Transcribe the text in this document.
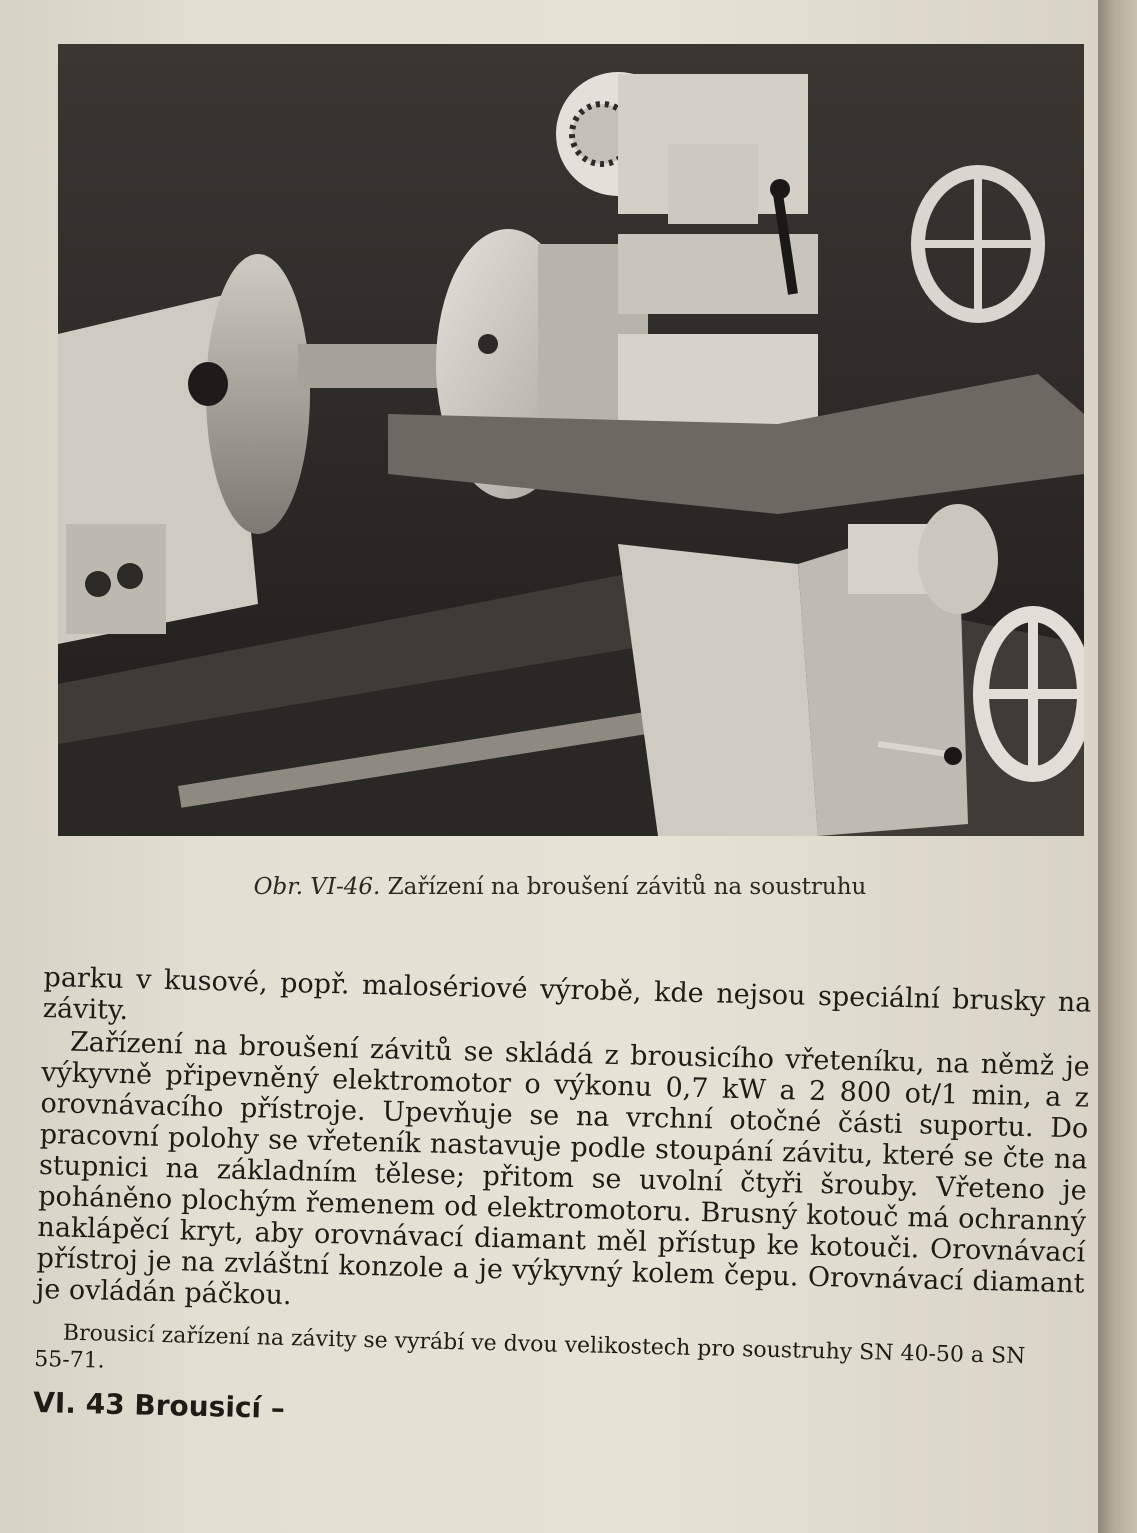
Obr. VI-46. Zařízení na broušení závitů na soustruhu

parku v kusové, popř. malosériové výrobě, kde nejsou speciální brusky na závity.

Zařízení na broušení závitů se skládá z brousicího vřeteníku, na němž je výkyvně připevněný elektromotor o výkonu 0,7 kW a 2 800 ot/1 min, a z orovnávacího přístroje. Upevňuje se na vrchní otočné části suportu. Do pracovní polohy se vřeteník nastavuje podle stoupání závitu, které se čte na stupnici na základním tělese; přitom se uvolní čtyři šrouby. Vřeteno je poháněno plochým řemenem od elektromotoru. Brusný kotouč má ochranný naklápěcí kryt, aby orovnávací diamant měl přístup ke kotouči. Orovnávací přístroj je na zvláštní konzole a je výkyvný kolem čepu. Orovnávací diamant je ovládán páčkou.

Brousicí zařízení na závity se vyrábí ve dvou velikostech pro soustruhy SN 40-50 a SN 55-71.

VI. 43 Brousicí –
